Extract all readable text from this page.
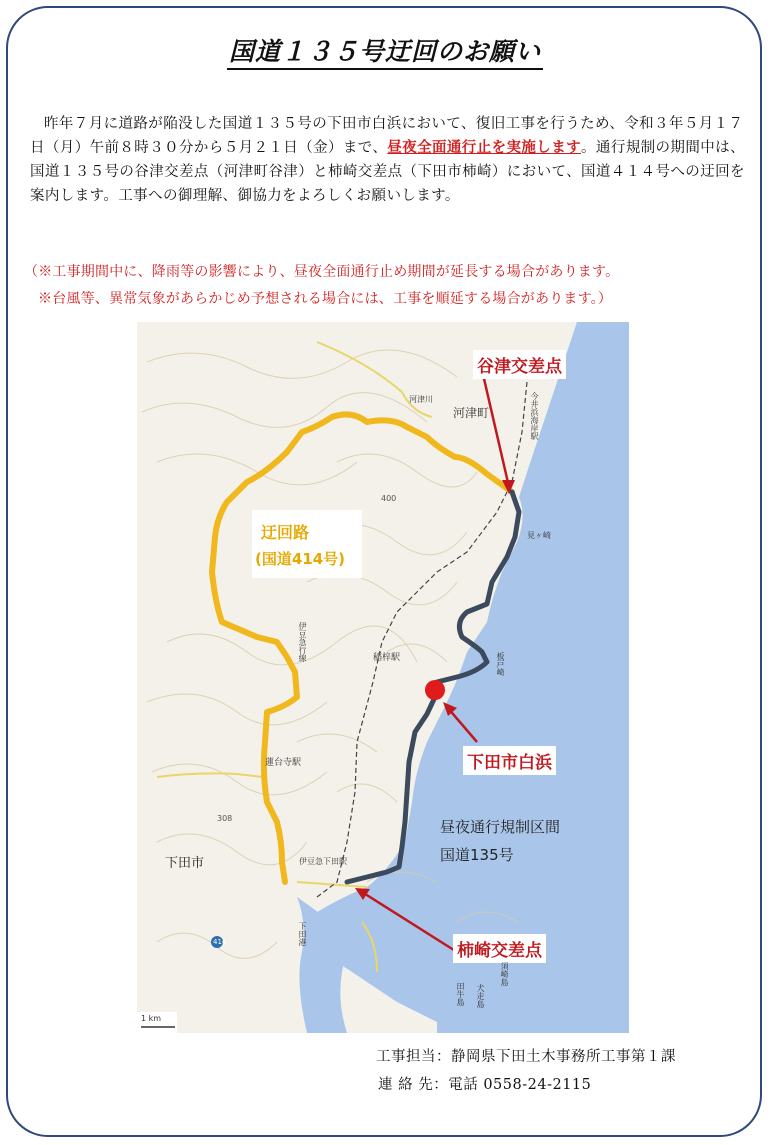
国道１３５号迂回のお願い
昨年７月に道路が陥没した国道１３５号の下田市白浜において、復旧工事を行うため、令和３年５月１７日（月）午前８時３０分から５月２１日（金）まで、昼夜全面通行止を実施します。通行規制の期間中は、国道１３５号の谷津交差点（河津町谷津）と柿崎交差点（下田市柿崎）において、国道４１４号への迂回を案内します。工事への御理解、御協力をよろしくお願いします。
（※工事期間中に、降雨等の影響により、昼夜全面通行止め期間が延長する場合があります。
※台風等、異常気象があらかじめ予想される場合には、工事を順延する場合があります。）
迂回路
(国道414号)
谷津交差点
下田市白浜
柿崎交差点
昼夜通行規制区間
国道135号
河津町
下田市
今井浜海岸駅
稲梓駅
蓮台寺駅
伊豆急下田駅
見ヶ崎
板戸崎
須崎島
田牛島 犬走島
伊豆急行線
下田港
河津川
400
308
414
1 km
工事担当：静岡県下田土木事務所工事第１課
連 絡 先：電話 0558-24-2115
